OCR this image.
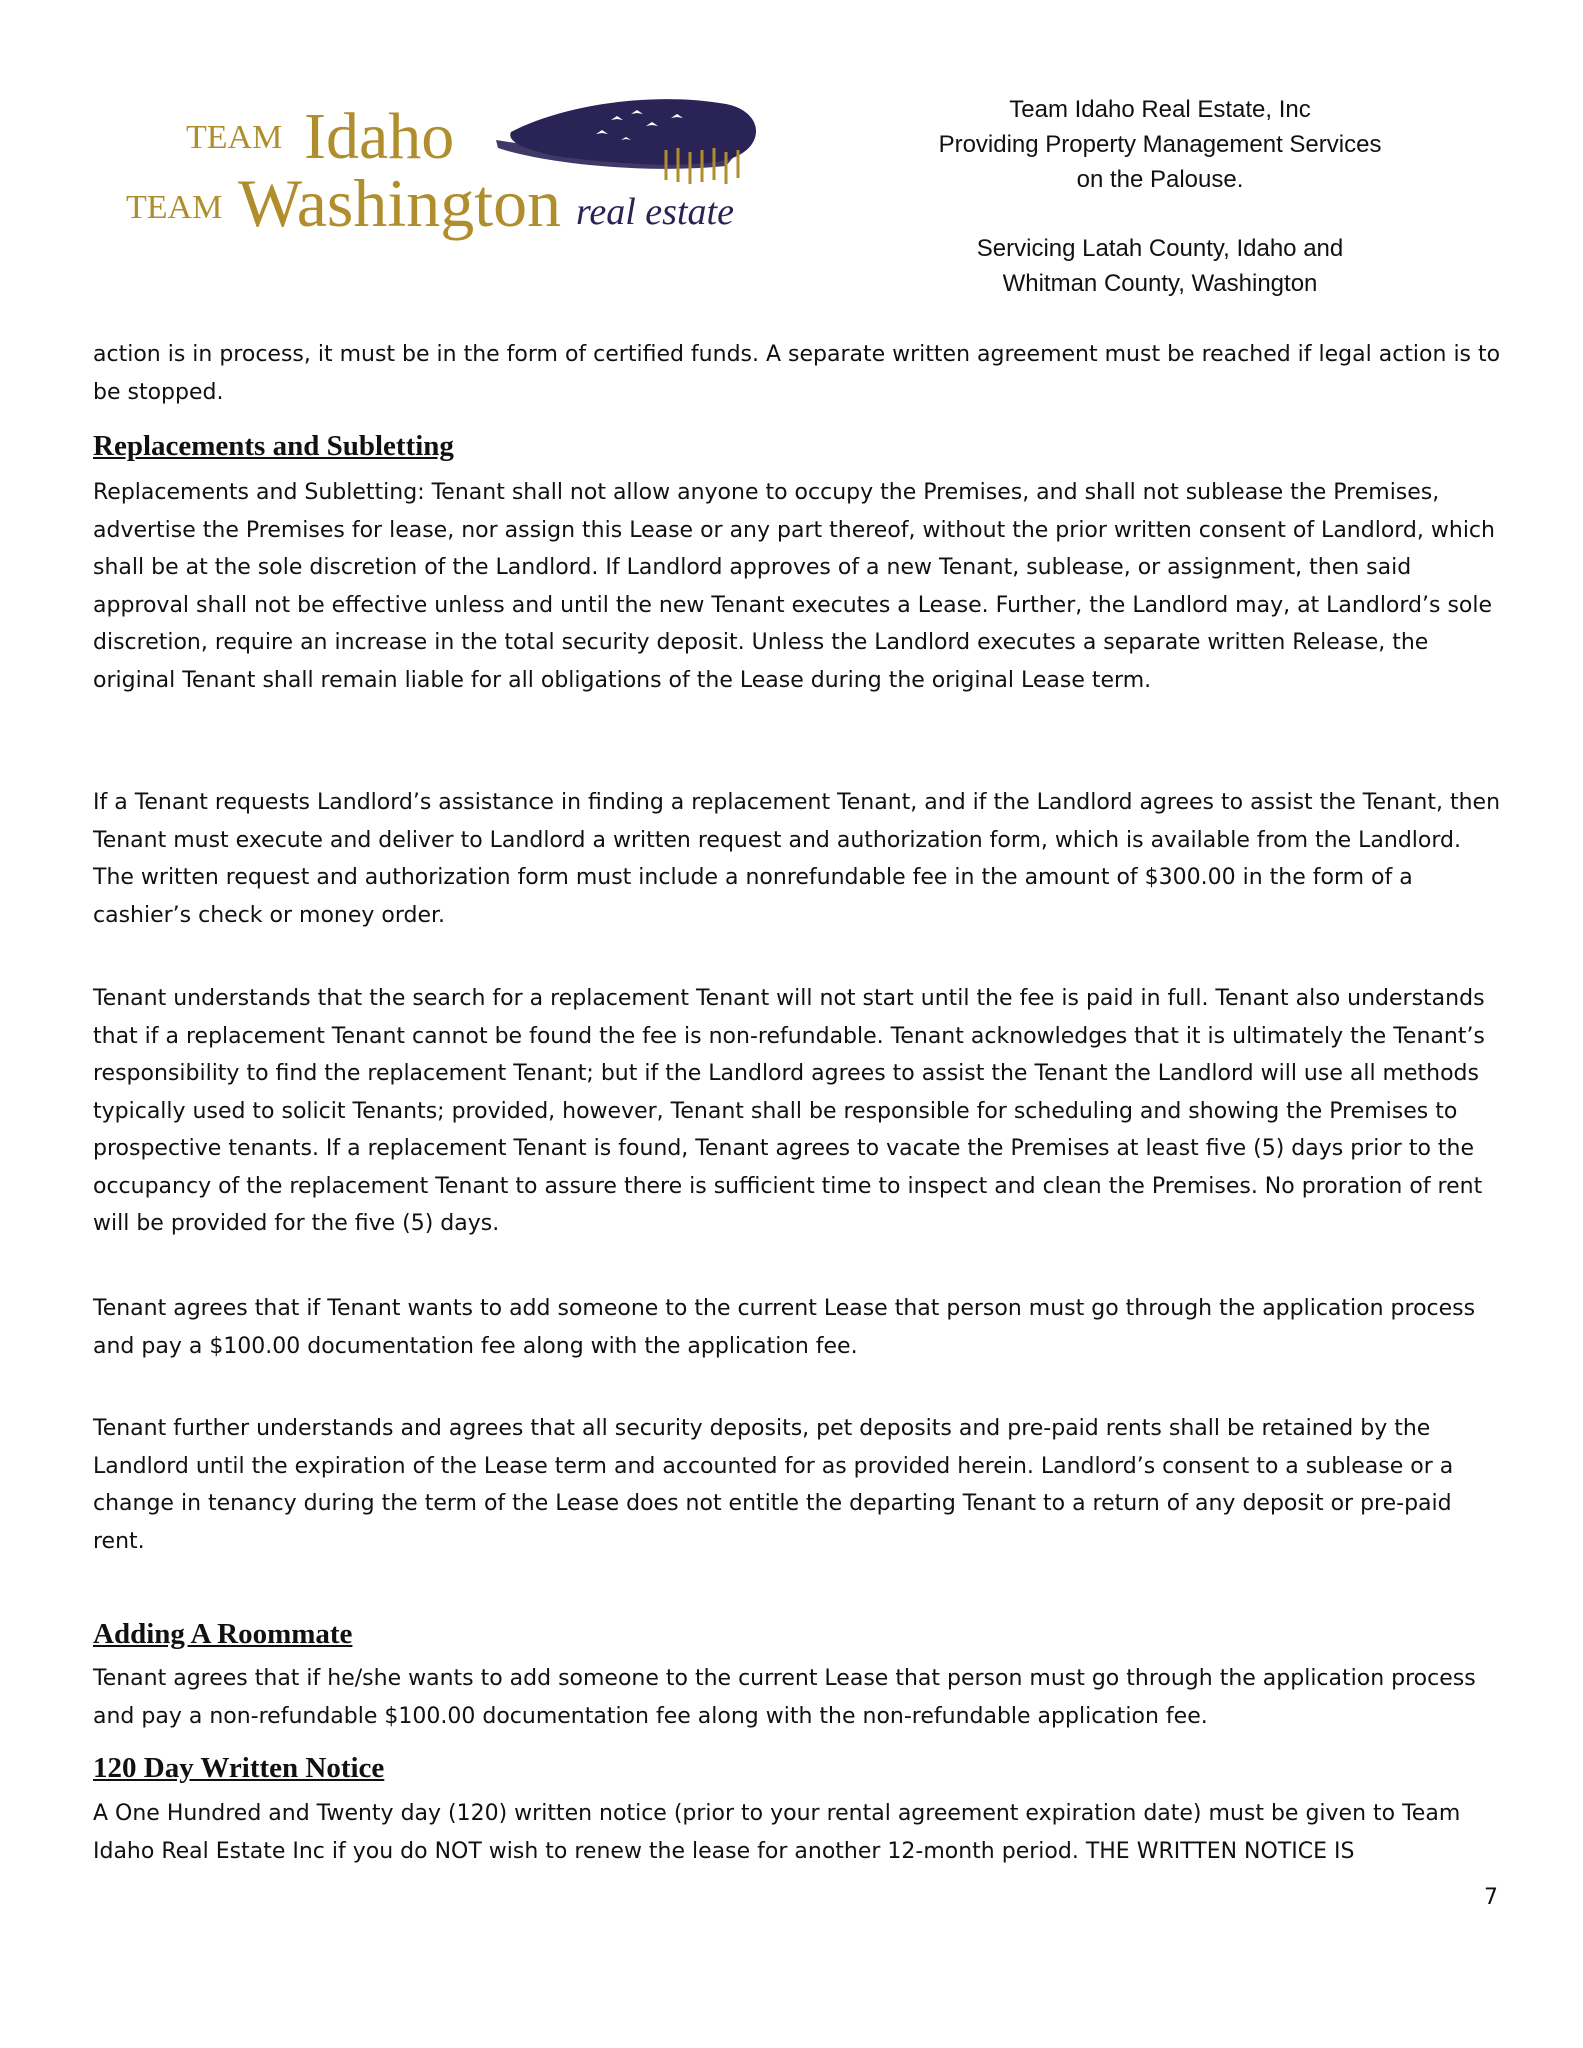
TEAM Idaho
TEAM Washington real estate
Team Idaho Real Estate, Inc
Providing Property Management Services
on the Palouse.
Servicing Latah County, Idaho and
Whitman County, Washington

action is in process, it must be in the form of certified funds. A separate written agreement must be reached if legal action is to be stopped.

Replacements and Subletting

Replacements and Subletting: Tenant shall not allow anyone to occupy the Premises, and shall not sublease the Premises, advertise the Premises for lease, nor assign this Lease or any part thereof, without the prior written consent of Landlord, which shall be at the sole discretion of the Landlord. If Landlord approves of a new Tenant, sublease, or assignment, then said approval shall not be effective unless and until the new Tenant executes a Lease. Further, the Landlord may, at Landlord’s sole discretion, require an increase in the total security deposit. Unless the Landlord executes a separate written Release, the original Tenant shall remain liable for all obligations of the Lease during the original Lease term.

If a Tenant requests Landlord’s assistance in finding a replacement Tenant, and if the Landlord agrees to assist the Tenant, then Tenant must execute and deliver to Landlord a written request and authorization form, which is available from the Landlord. The written request and authorization form must include a nonrefundable fee in the amount of $300.00 in the form of a cashier’s check or money order.

Tenant understands that the search for a replacement Tenant will not start until the fee is paid in full. Tenant also understands that if a replacement Tenant cannot be found the fee is non-refundable. Tenant acknowledges that it is ultimately the Tenant’s responsibility to find the replacement Tenant; but if the Landlord agrees to assist the Tenant the Landlord will use all methods typically used to solicit Tenants; provided, however, Tenant shall be responsible for scheduling and showing the Premises to prospective tenants. If a replacement Tenant is found, Tenant agrees to vacate the Premises at least five (5) days prior to the occupancy of the replacement Tenant to assure there is sufficient time to inspect and clean the Premises. No proration of rent will be provided for the five (5) days.

Tenant agrees that if Tenant wants to add someone to the current Lease that person must go through the application process and pay a $100.00 documentation fee along with the application fee.

Tenant further understands and agrees that all security deposits, pet deposits and pre-paid rents shall be retained by the Landlord until the expiration of the Lease term and accounted for as provided herein. Landlord’s consent to a sublease or a change in tenancy during the term of the Lease does not entitle the departing Tenant to a return of any deposit or pre-paid rent.

Adding A Roommate

Tenant agrees that if he/she wants to add someone to the current Lease that person must go through the application process and pay a non-refundable $100.00 documentation fee along with the non-refundable application fee.

120 Day Written Notice

A One Hundred and Twenty day (120) written notice (prior to your rental agreement expiration date) must be given to Team Idaho Real Estate Inc if you do NOT wish to renew the lease for another 12-month period. THE WRITTEN NOTICE IS

7
